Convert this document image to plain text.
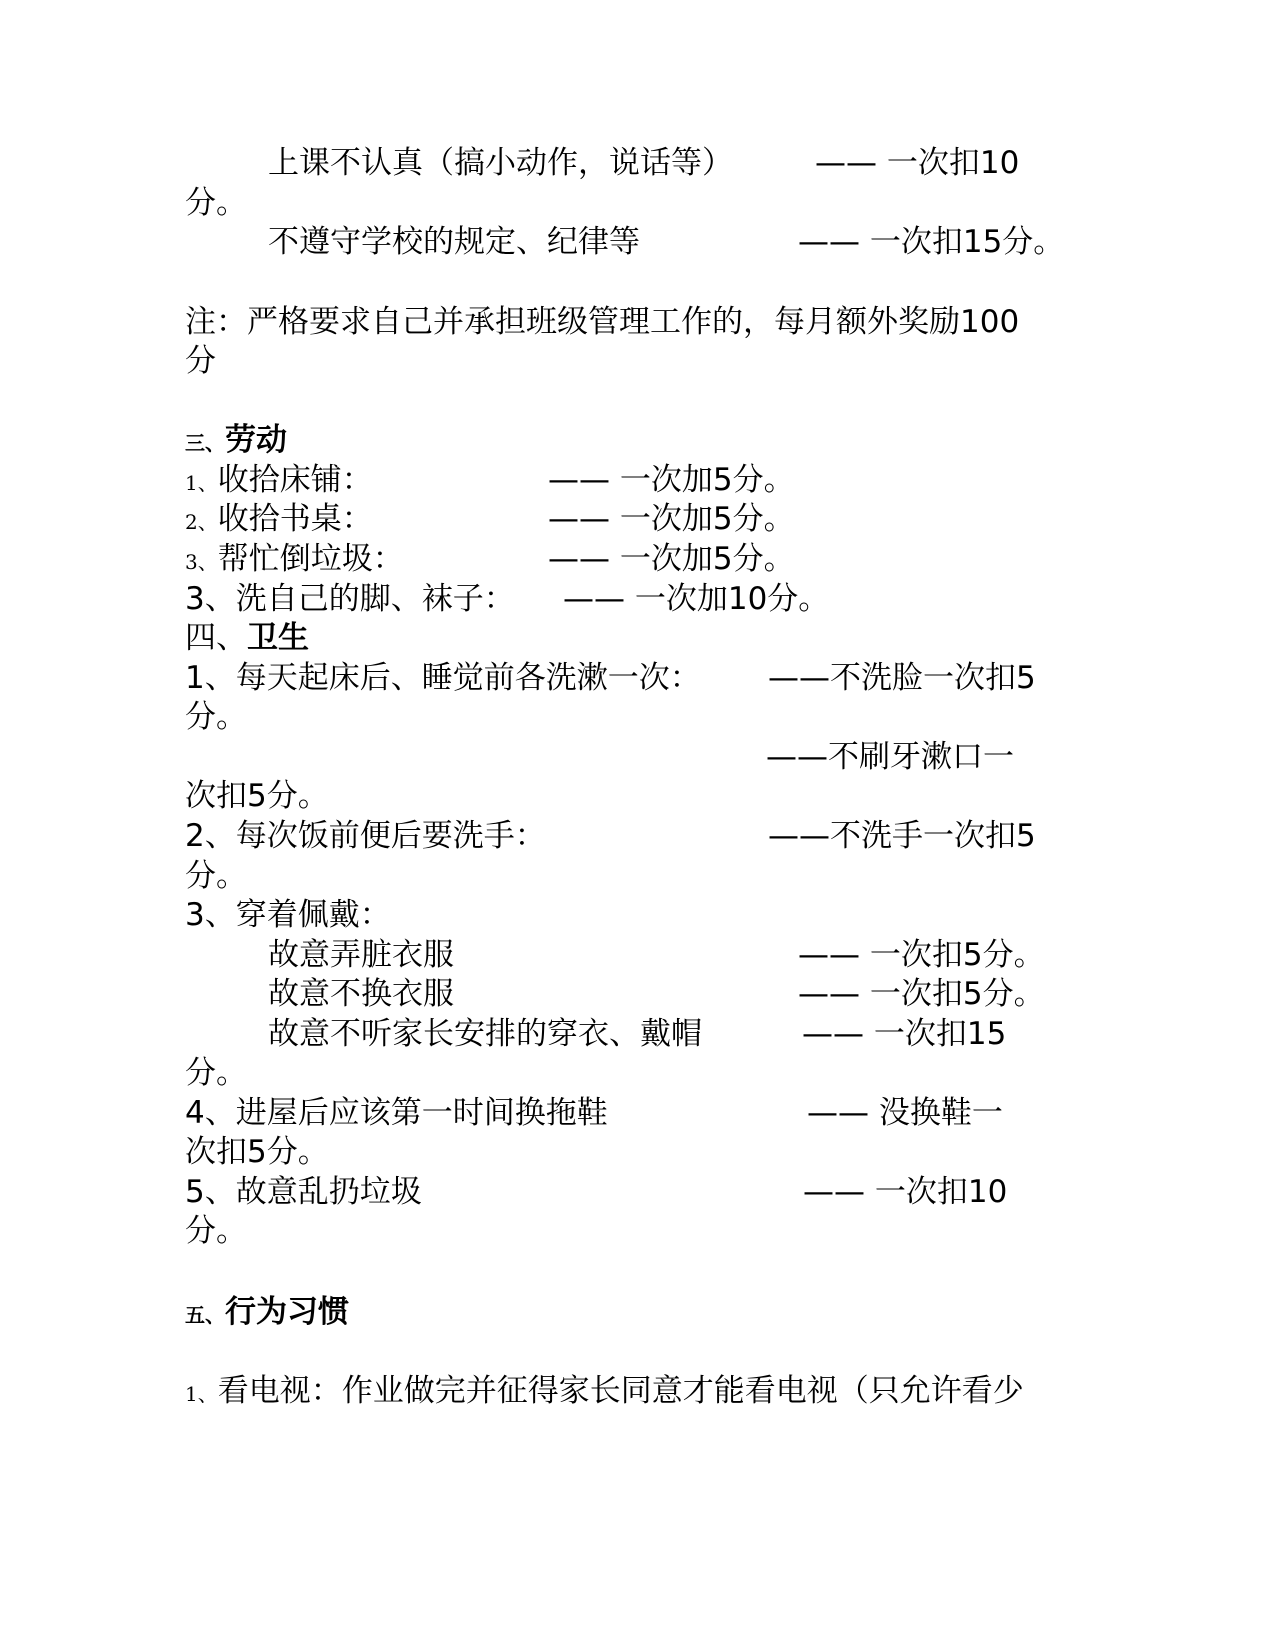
上课不认真（搞小动作，说话等）	—— 一次扣10
分。
不遵守学校的规定、纪律等	—— 一次扣15分。
注：严格要求自己并承担班级管理工作的，每月额外奖励100
分
三、劳动
1、收拾床铺：	—— 一次加5分。
2、收拾书桌：	—— 一次加5分。
3、帮忙倒垃圾：	—— 一次加5分。
3、洗自己的脚、袜子： —— 一次加10分。
四、卫生
1、每天起床后、睡觉前各洗漱一次： ——不洗脸一次扣5
分。
——不刷牙漱口一
次扣5分。
2、每次饭前便后要洗手：	——不洗手一次扣5
分。
3、穿着佩戴：
故意弄脏衣服	—— 一次扣5分。
故意不换衣服	—— 一次扣5分。
故意不听家长安排的穿衣、戴帽	—— 一次扣15
分。
4、进屋后应该第一时间换拖鞋	—— 没换鞋一
次扣5分。
5、故意乱扔垃圾	—— 一次扣10
分。
五、行为习惯
1、看电视：作业做完并征得家长同意才能看电视（只允许看少
